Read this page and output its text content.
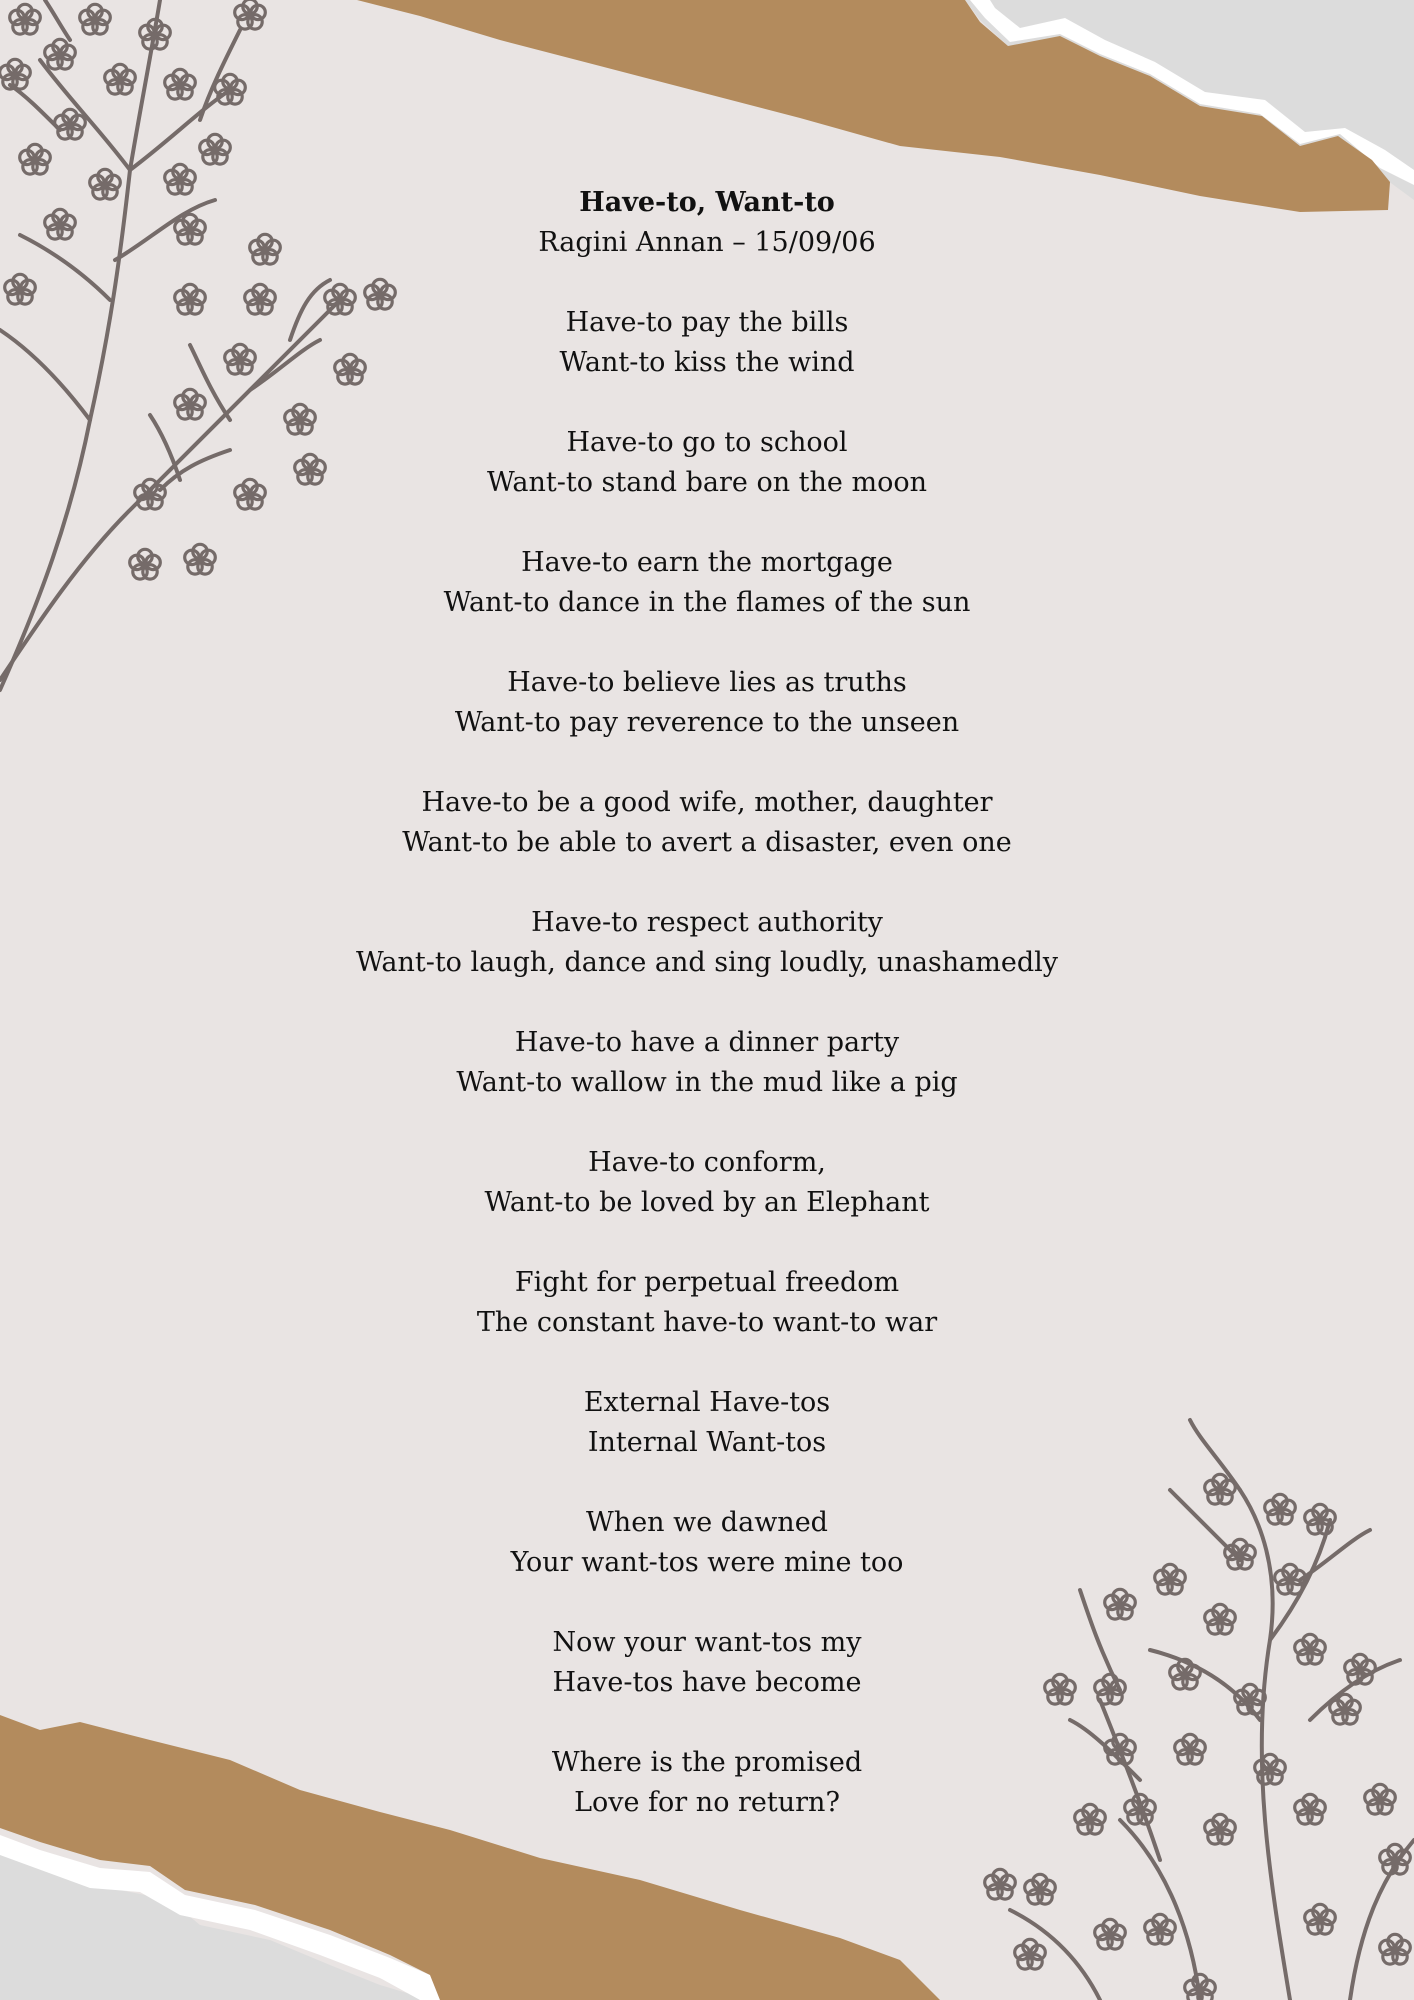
Have-to, Want-to
Ragini Annan – 15/09/06
Have-to pay the bills
Want-to kiss the wind
Have-to go to school
Want-to stand bare on the moon
Have-to earn the mortgage
Want-to dance in the flames of the sun
Have-to believe lies as truths
Want-to pay reverence to the unseen
Have-to be a good wife, mother, daughter
Want-to be able to avert a disaster, even one
Have-to respect authority
Want-to laugh, dance and sing loudly, unashamedly
Have-to have a dinner party
Want-to wallow in the mud like a pig
Have-to conform,
Want-to be loved by an Elephant
Fight for perpetual freedom
The constant have-to want-to war
External Have-tos
Internal Want-tos
When we dawned
Your want-tos were mine too
Now your want-tos my
Have-tos have become
Where is the promised
Love for no return?
